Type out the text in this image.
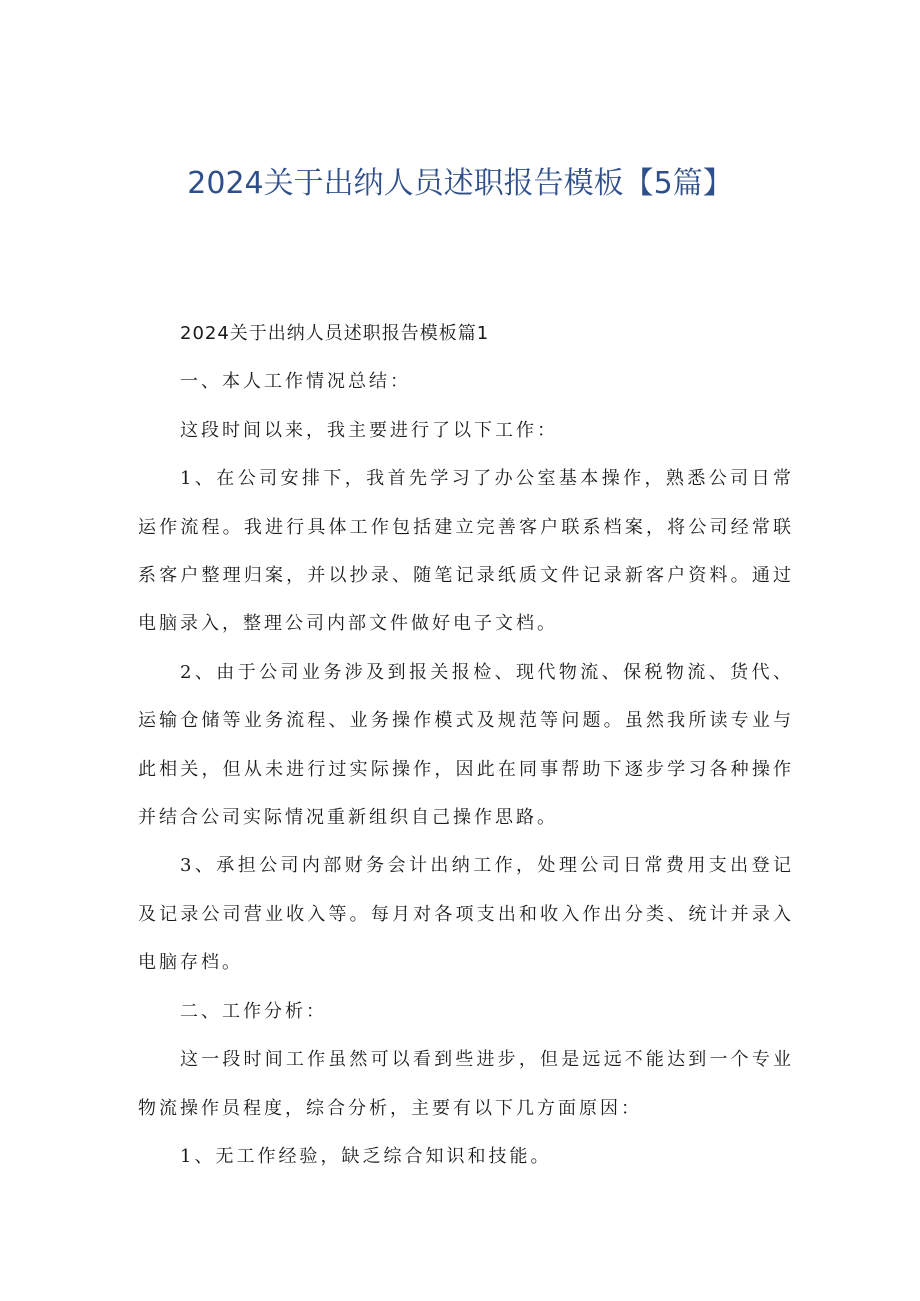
2024关于出纳人员述职报告模板【5篇】

2024关于出纳人员述职报告模板篇1

一、本人工作情况总结：

这段时间以来，我主要进行了以下工作：

1、在公司安排下，我首先学习了办公室基本操作，熟悉公司日常运作流程。我进行具体工作包括建立完善客户联系档案，将公司经常联系客户整理归案，并以抄录、随笔记录纸质文件记录新客户资料。通过电脑录入，整理公司内部文件做好电子文档。

2、由于公司业务涉及到报关报检、现代物流、保税物流、货代、运输仓储等业务流程、业务操作模式及规范等问题。虽然我所读专业与此相关，但从未进行过实际操作，因此在同事帮助下逐步学习各种操作并结合公司实际情况重新组织自己操作思路。

3、承担公司内部财务会计出纳工作，处理公司日常费用支出登记及记录公司营业收入等。每月对各项支出和收入作出分类、统计并录入电脑存档。

二、工作分析：

这一段时间工作虽然可以看到些进步，但是远远不能达到一个专业物流操作员程度，综合分析，主要有以下几方面原因：

1、无工作经验，缺乏综合知识和技能。
